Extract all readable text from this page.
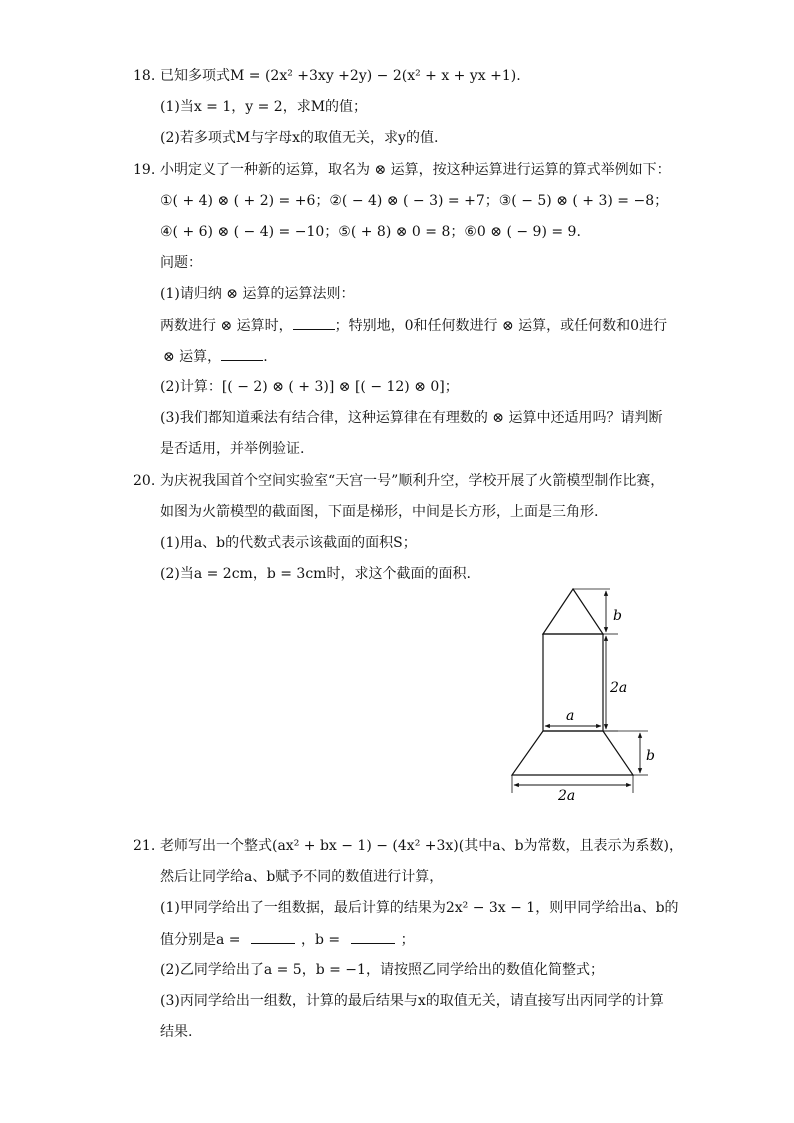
18. 已知多项式M = (2x² +3xy +2y) − 2(x² + x + yx +1).
(1)当x = 1，y = 2，求M的值；
(2)若多项式M与字母x的取值无关，求y的值.
19. 小明定义了一种新的运算，取名为 ⊗ 运算，按这种运算进行运算的算式举例如下：
①( + 4) ⊗ ( + 2) = +6；②( − 4) ⊗ ( − 3) = +7；③( − 5) ⊗ ( + 3) = −8；
④( + 6) ⊗ ( − 4) = −10；⑤( + 8) ⊗ 0 = 8；⑥0 ⊗ ( − 9) = 9.
问题：
(1)请归纳 ⊗ 运算的运算法则：
两数进行 ⊗ 运算时，	；特别地，0和任何数进行 ⊗ 运算，或任何数和0进行
⊗ 运算，	.
(2)计算：[( − 2) ⊗ ( + 3)] ⊗ [( − 12) ⊗ 0]；
(3)我们都知道乘法有结合律，这种运算律在有理数的 ⊗ 运算中还适用吗？请判断
是否适用，并举例验证.
20. 为庆祝我国首个空间实验室“天宫一号”顺利升空，学校开展了火箭模型制作比赛，
如图为火箭模型的截面图，下面是梯形，中间是长方形，上面是三角形.
(1)用a、b的代数式表示该截面的面积S；
(2)当a = 2cm，b = 3cm时，求这个截面的面积.
b
2a
a
b
2a
21. 老师写出一个整式(ax² + bx − 1) − (4x² +3x)(其中a、b为常数，且表示为系数)，
然后让同学给a、b赋予不同的数值进行计算，
(1)甲同学给出了一组数据，最后计算的结果为2x² − 3x − 1，则甲同学给出a、b的
值分别是a =	，b =	；
(2)乙同学给出了a = 5，b = −1，请按照乙同学给出的数值化简整式；
(3)丙同学给出一组数，计算的最后结果与x的取值无关，请直接写出丙同学的计算
结果.
